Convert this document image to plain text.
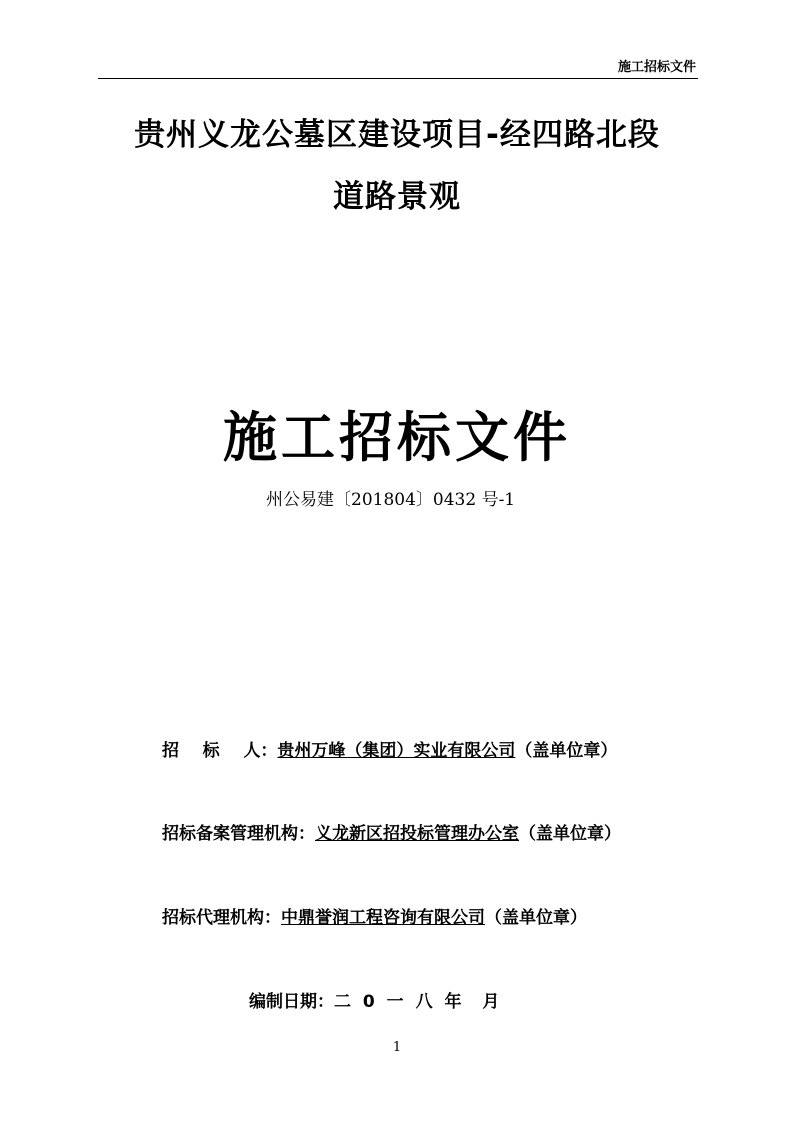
施工招标文件
贵州义龙公墓区建设项目-经四路北段
道路景观
施工招标文件
州公易建〔201804〕0432 号-1
招    标    人：贵州万峰（集团）实业有限公司（盖单位章）
招标备案管理机构：义龙新区招投标管理办公室（盖单位章）
招标代理机构：中鼎誉润工程咨询有限公司（盖单位章）
编制日期：二 0 一 八 年  月
1
